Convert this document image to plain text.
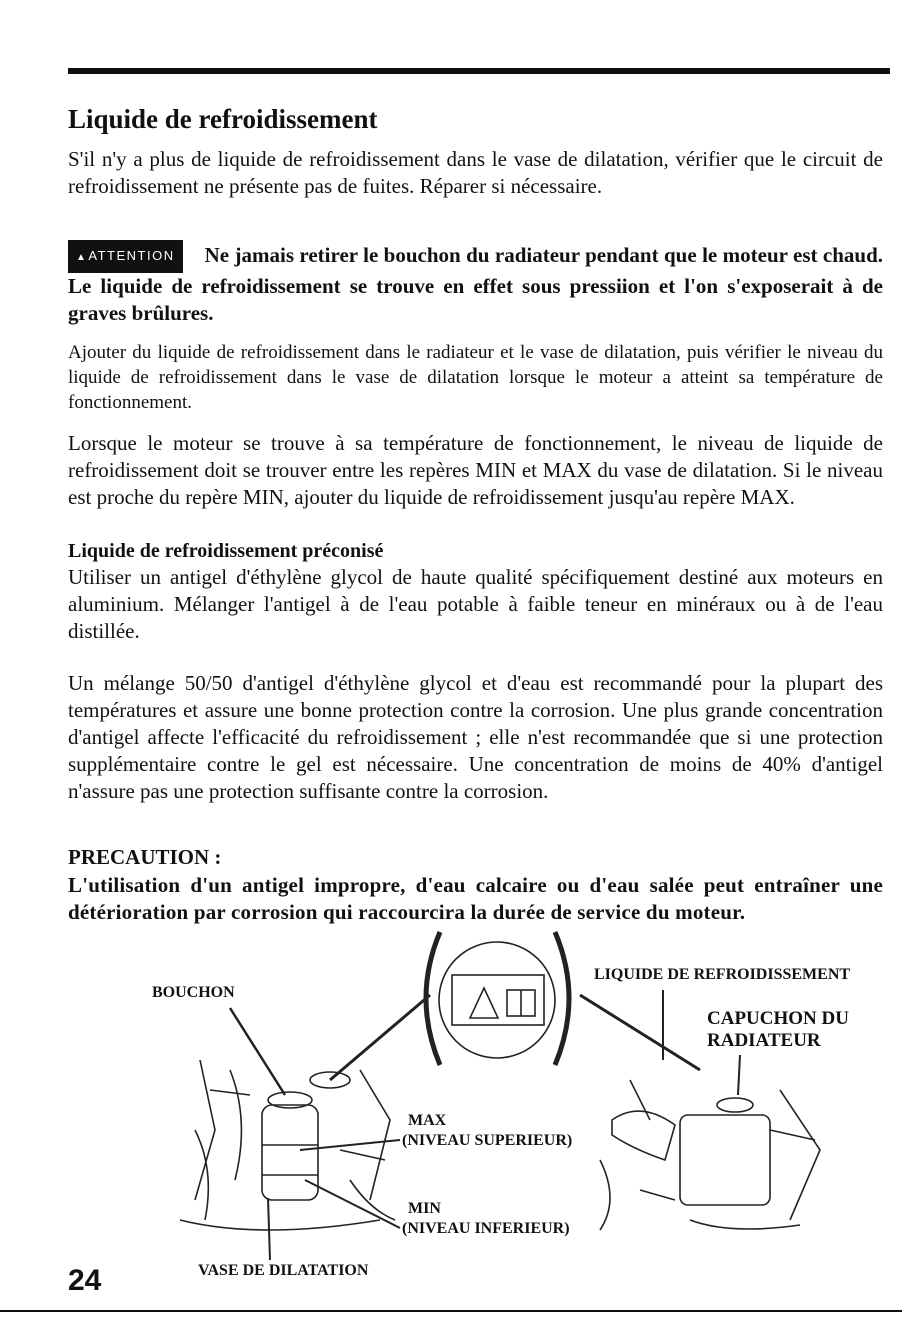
Liquide de refroidissement

S'il n'y a plus de liquide de refroidissement dans le vase de dilatation, vérifier que le circuit de refroidissement ne présente pas de fuites. Réparer si nécessaire.

▲ATTENTION Ne jamais retirer le bouchon du radiateur pendant que le moteur est chaud. Le liquide de refroidissement se trouve en effet sous pressiion et l'on s'exposerait à de graves brûlures.

Ajouter du liquide de refroidissement dans le radiateur et le vase de dilatation, puis vérifier le niveau du liquide de refroidissement dans le vase de dilatation lorsque le moteur a atteint sa température de fonctionnement.

Lorsque le moteur se trouve à sa température de fonctionnement, le niveau de liquide de refroidissement doit se trouver entre les repères MIN et MAX du vase de dilatation. Si le niveau est proche du repère MIN, ajouter du liquide de refroidissement jusqu'au repère MAX.

Liquide de refroidissement préconisé

Utiliser un antigel d'éthylène glycol de haute qualité spécifiquement destiné aux moteurs en aluminium. Mélanger l'antigel à de l'eau potable à faible teneur en minéraux ou à de l'eau distillée.

Un mélange 50/50 d'antigel d'éthylène glycol et d'eau est recommandé pour la plupart des températures et assure une bonne protection contre la corrosion. Une plus grande concentration d'antigel affecte l'efficacité du refroidissement ; elle n'est recommandée que si une protection supplémentaire contre le gel est nécessaire. Une concentration de moins de 40% d'antigel n'assure pas une protection suffisante contre la corrosion.

PRECAUTION :

L'utilisation d'un antigel impropre, d'eau calcaire ou d'eau salée peut entraîner une détérioration par corrosion qui raccourcira la durée de service du moteur.

BOUCHON
LIQUIDE DE REFROIDISSEMENT
CAPUCHON DU RADIATEUR
MAX
(NIVEAU SUPERIEUR)
MIN
(NIVEAU INFERIEUR)
VASE DE DILATATION

24
